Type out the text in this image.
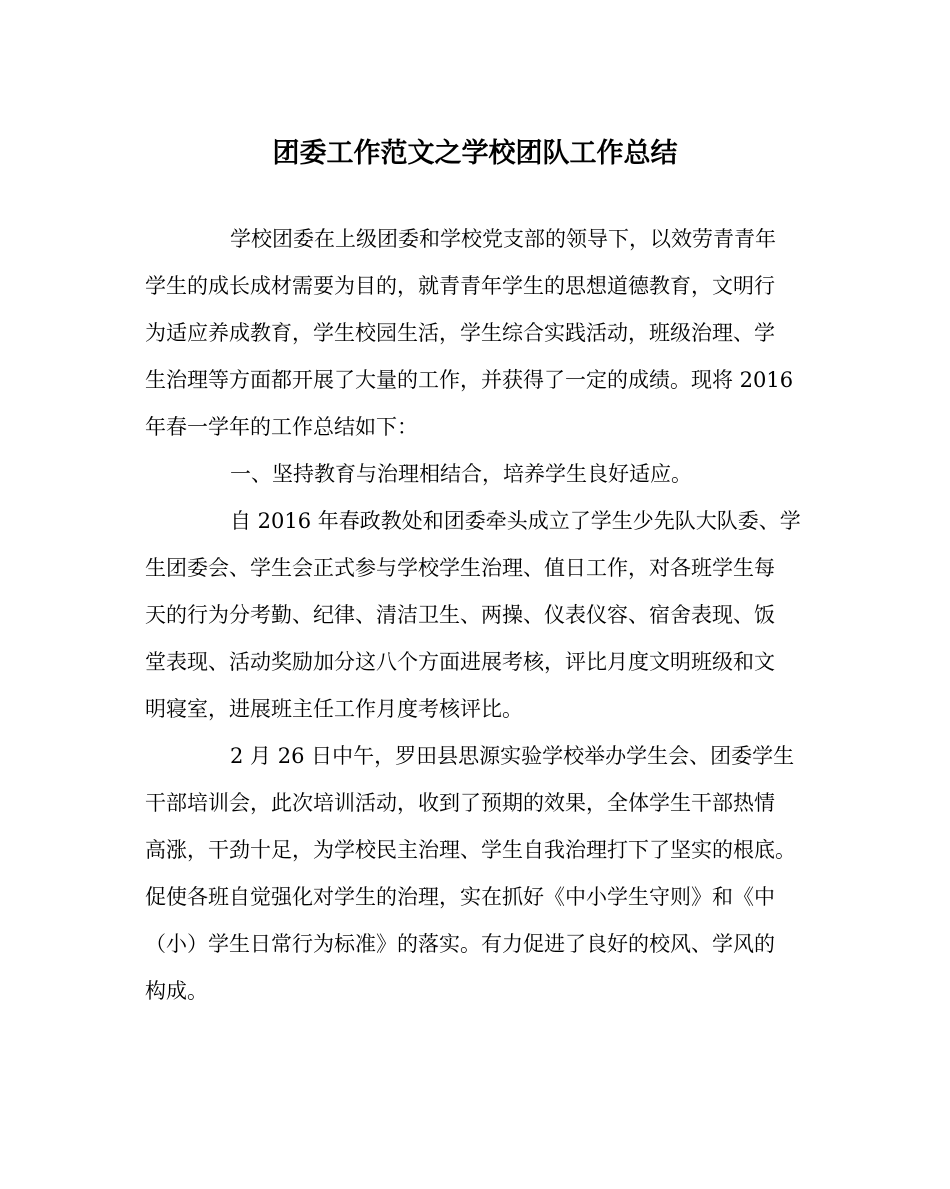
团委工作范文之学校团队工作总结
学校团委在上级团委和学校党支部的领导下，以效劳青青年
学生的成长成材需要为目的，就青青年学生的思想道德教育，文明行
为适应养成教育，学生校园生活，学生综合实践活动，班级治理、学
生治理等方面都开展了大量的工作，并获得了一定的成绩。现将 2016
年春一学年的工作总结如下：
一、坚持教育与治理相结合，培养学生良好适应。
自 2016 年春政教处和团委牵头成立了学生少先队大队委、学
生团委会、学生会正式参与学校学生治理、值日工作，对各班学生每
天的行为分考勤、纪律、清洁卫生、两操、仪表仪容、宿舍表现、饭
堂表现、活动奖励加分这八个方面进展考核，评比月度文明班级和文
明寝室，进展班主任工作月度考核评比。
2 月 26 日中午，罗田县思源实验学校举办学生会、团委学生
干部培训会，此次培训活动，收到了预期的效果，全体学生干部热情
高涨，干劲十足，为学校民主治理、学生自我治理打下了坚实的根底。
促使各班自觉强化对学生的治理，实在抓好《中小学生守则》和《中
（小）学生日常行为标准》的落实。有力促进了良好的校风、学风的
构成。
